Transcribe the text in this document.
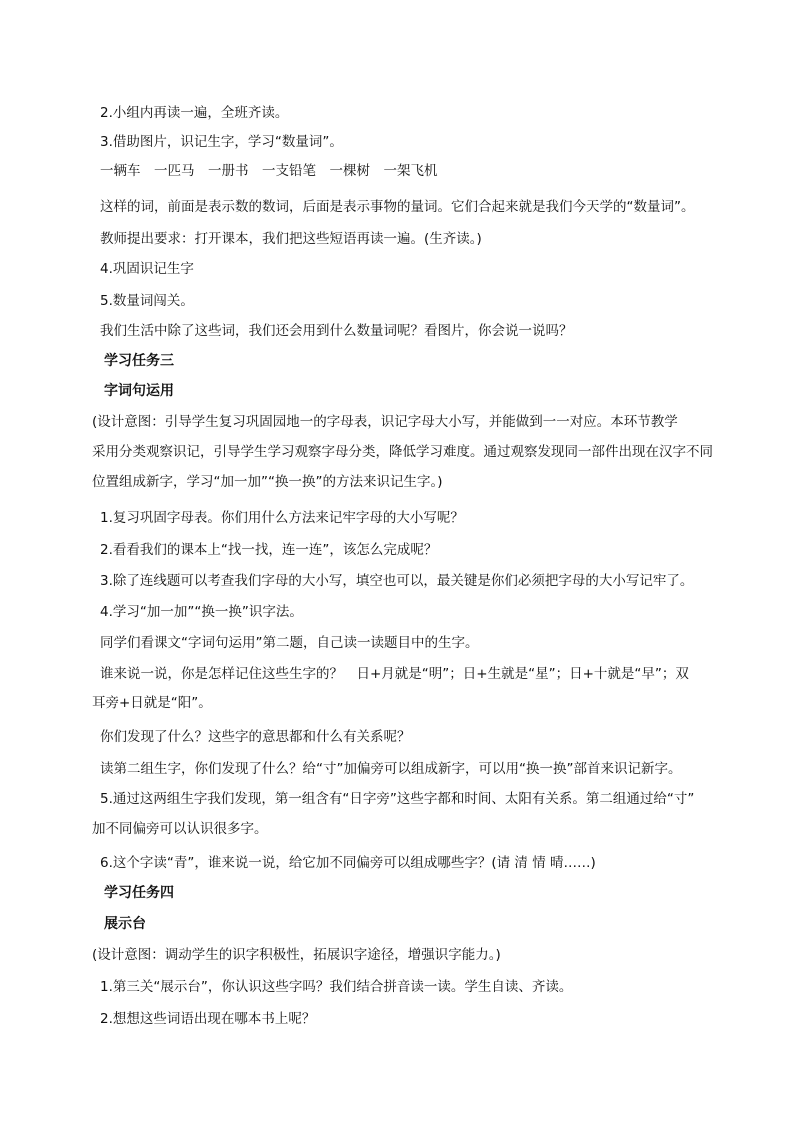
2.小组内再读一遍，全班齐读。
3.借助图片，识记生字，学习“数量词”。
一辆车　一匹马　一册书　一支铅笔　一棵树　一架飞机
这样的词，前面是表示数的数词，后面是表示事物的量词。它们合起来就是我们今天学的“数量词”。
教师提出要求：打开课本，我们把这些短语再读一遍。(生齐读。)
4.巩固识记生字
5.数量词闯关。
我们生活中除了这些词，我们还会用到什么数量词呢？看图片，你会说一说吗？
学习任务三
字词句运用
(设计意图：引导学生复习巩固园地一的字母表，识记字母大小写，并能做到一一对应。本环节教学
采用分类观察识记，引导学生学习观察字母分类，降低学习难度。通过观察发现同一部件出现在汉字不同
位置组成新字，学习“加一加”“换一换”的方法来识记生字。)
1.复习巩固字母表。你们用什么方法来记牢字母的大小写呢？
2.看看我们的课本上“找一找，连一连”，该怎么完成呢？
3.除了连线题可以考查我们字母的大小写，填空也可以，最关键是你们必须把字母的大小写记牢了。
4.学习“加一加”“换一换”识字法。
同学们看课文“字词句运用”第二题，自己读一读题目中的生字。
谁来说一说，你是怎样记住这些生字的？　日+月就是“明”；日+生就是“星”；日+十就是“早”；双
耳旁+日就是“阳”。
你们发现了什么？这些字的意思都和什么有关系呢？
读第二组生字，你们发现了什么？给“寸”加偏旁可以组成新字，可以用“换一换”部首来识记新字。
5.通过这两组生字我们发现，第一组含有“日字旁”这些字都和时间、太阳有关系。第二组通过给“寸”
加不同偏旁可以认识很多字。
6.这个字读“青”，谁来说一说，给它加不同偏旁可以组成哪些字？(请 清 情 晴……)
学习任务四
展示台
(设计意图：调动学生的识字积极性，拓展识字途径，增强识字能力。)
1.第三关“展示台”，你认识这些字吗？我们结合拼音读一读。学生自读、齐读。
2.想想这些词语出现在哪本书上呢？
